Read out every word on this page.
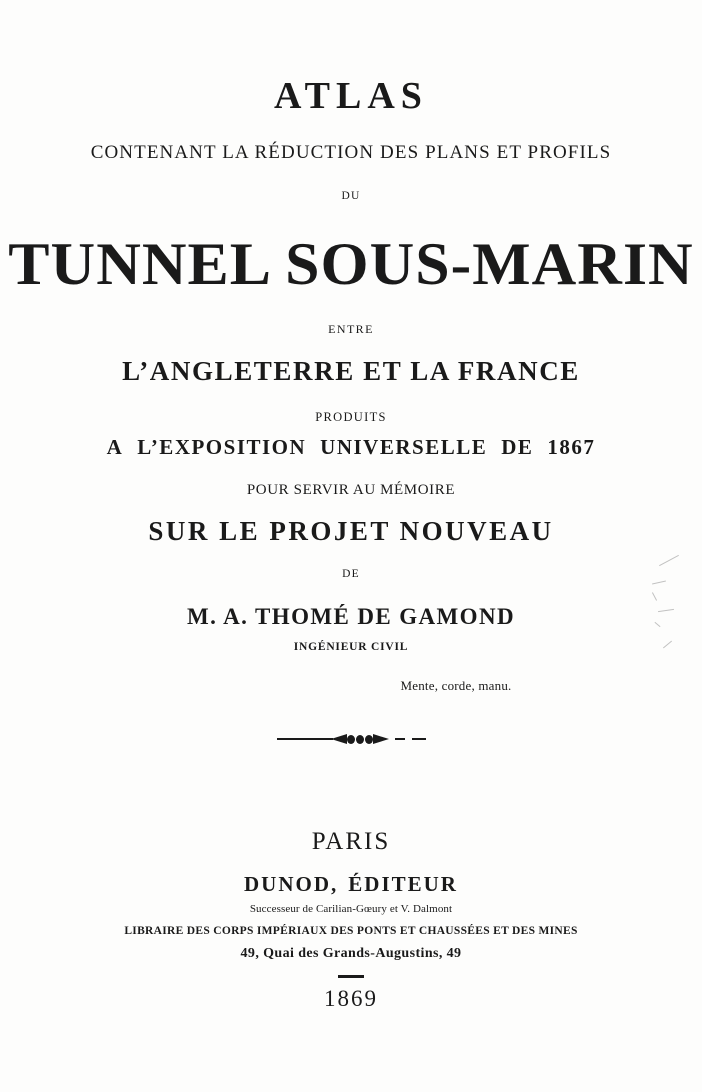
ATLAS
CONTENANT LA RÉDUCTION DES PLANS ET PROFILS
DU
TUNNEL SOUS-MARIN
ENTRE
L’ANGLETERRE ET LA FRANCE
PRODUITS
A L’EXPOSITION UNIVERSELLE DE 1867
POUR SERVIR AU MÉMOIRE
SUR LE PROJET NOUVEAU
DE
M. A. THOMÉ DE GAMOND
INGÉNIEUR CIVIL
Mente, corde, manu.
PARIS
DUNOD, ÉDITEUR
Successeur de Carilian-Gœury et V. Dalmont
LIBRAIRE DES CORPS IMPÉRIAUX DES PONTS ET CHAUSSÉES ET DES MINES
49, Quai des Grands-Augustins, 49
1869
